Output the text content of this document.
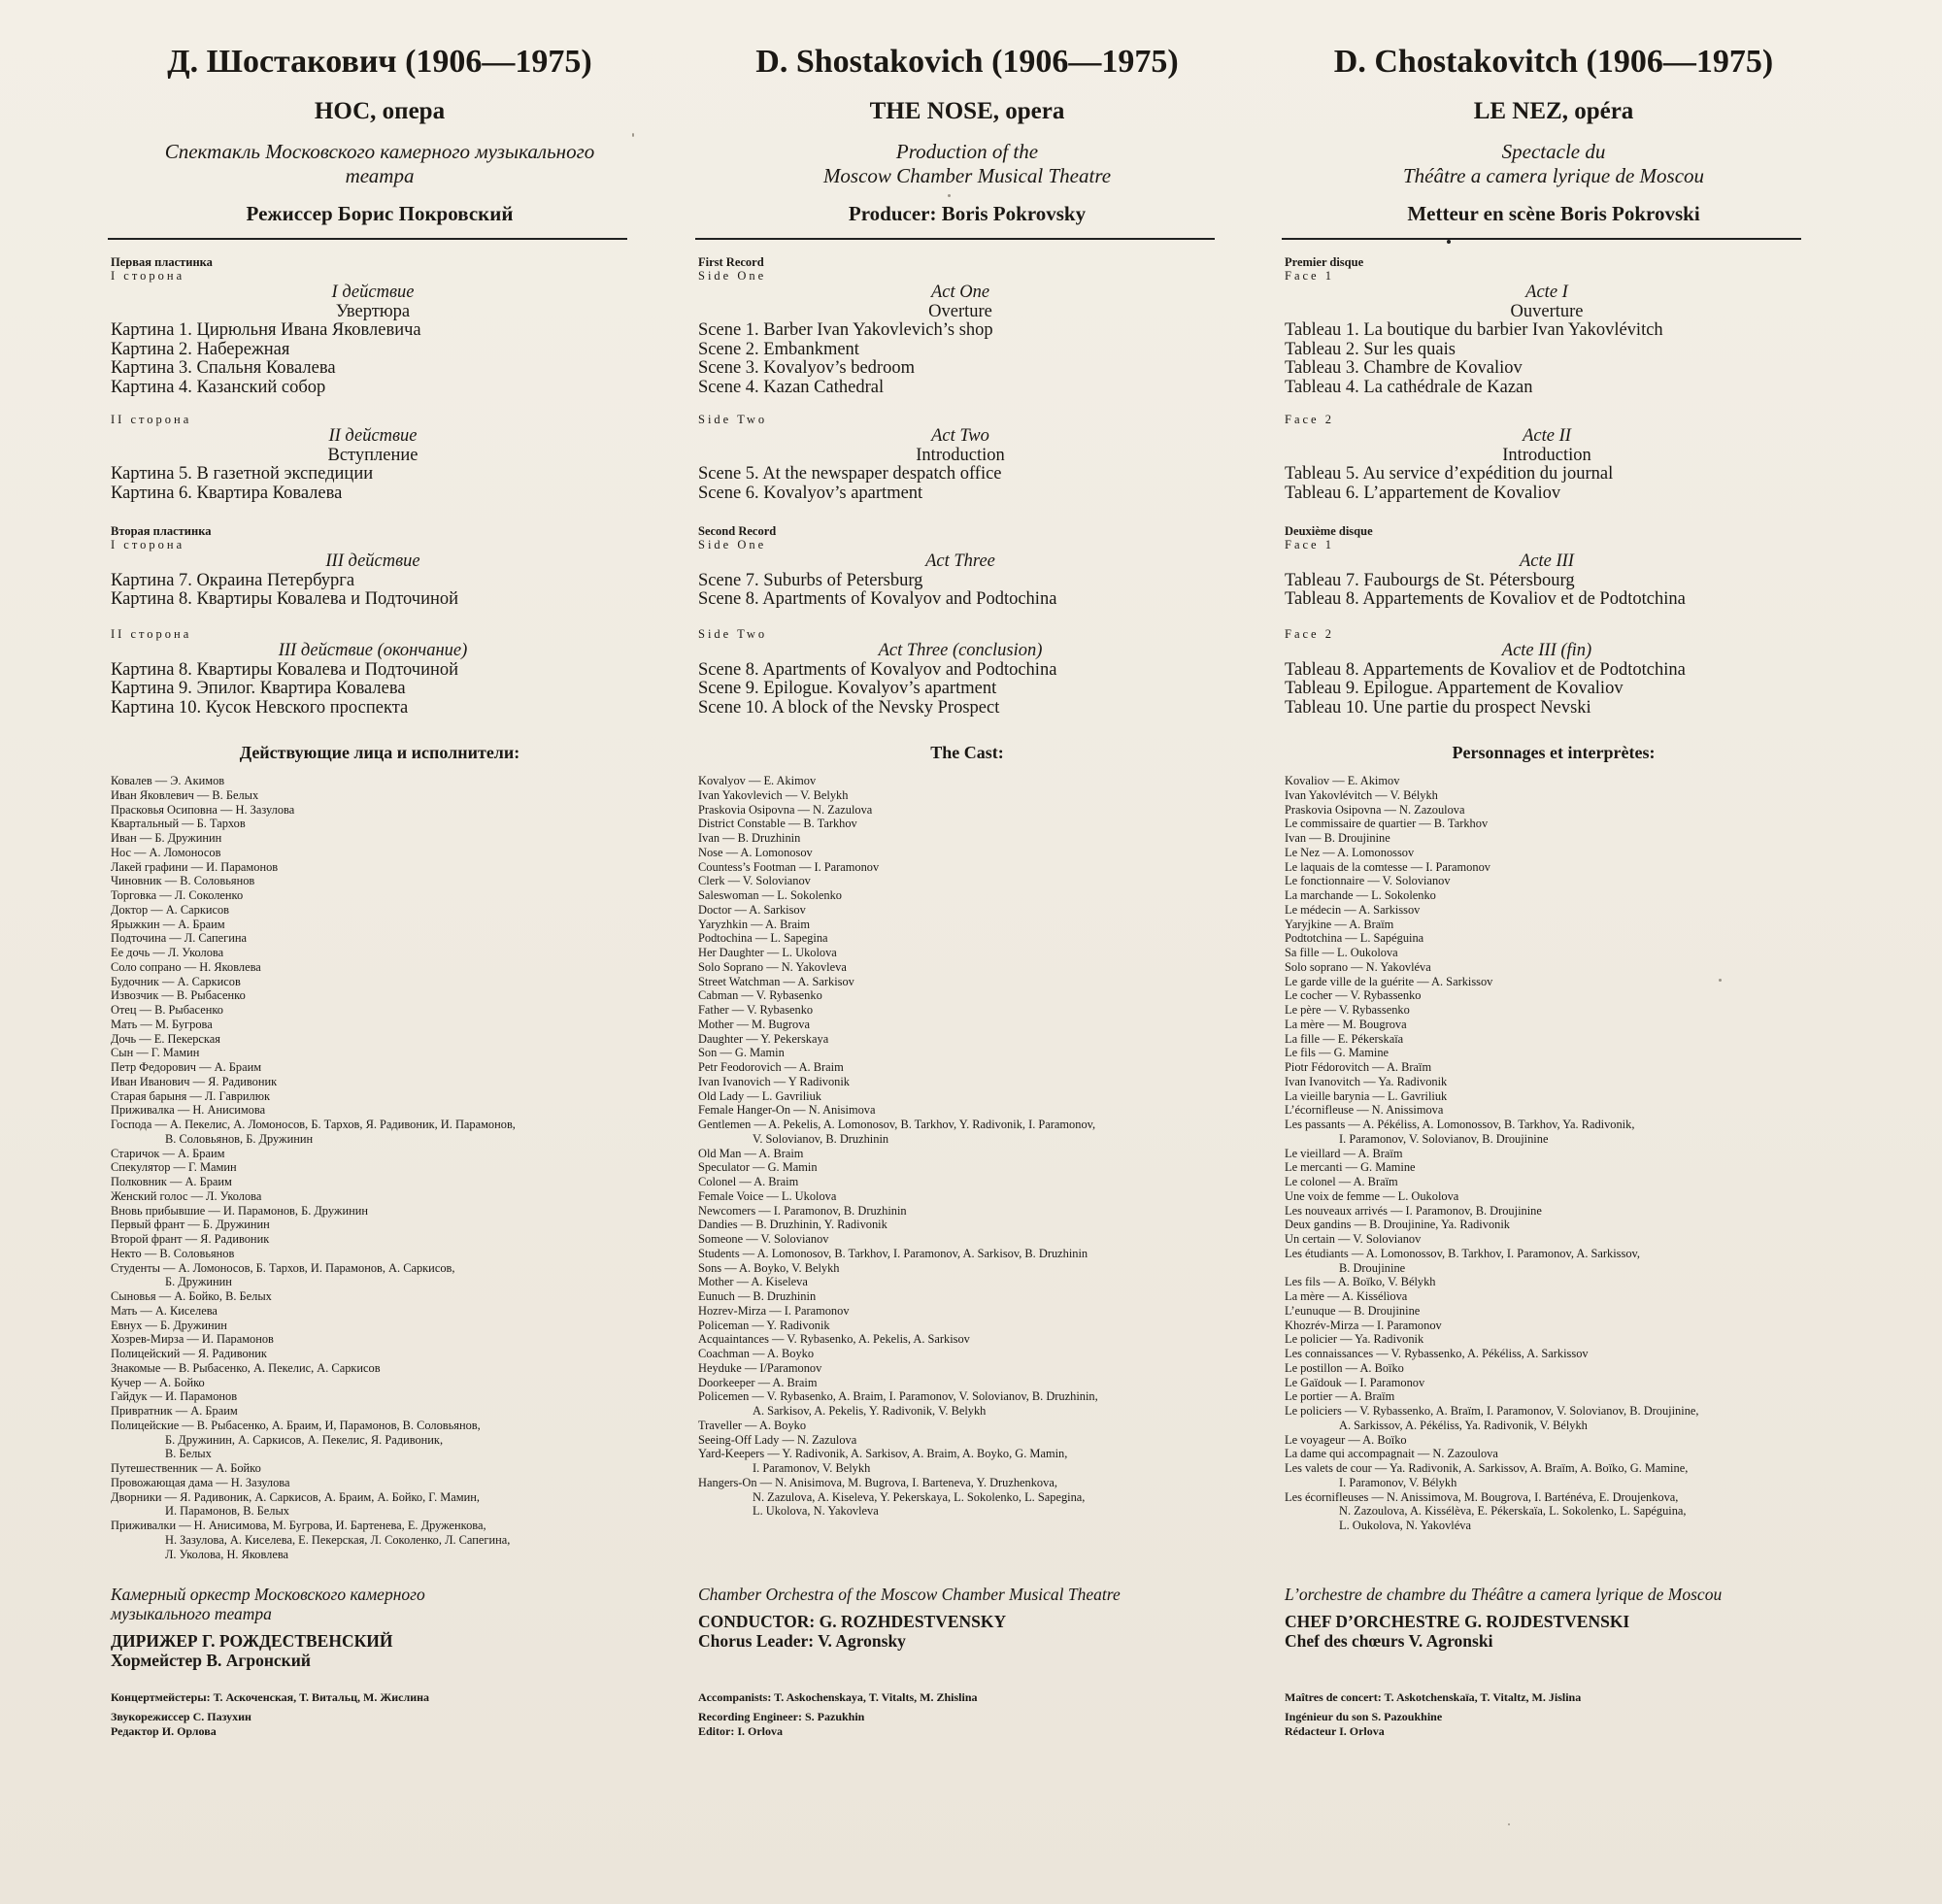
Д. Шостакович (1906—1975)
НОС, опера
Спектакль Московского камерного музыкального
театра
Режиссер Борис Покровский
Первая пластинка
I сторона
I действие
Увертюра
Картина 1. Цирюльня Ивана Яковлевича
Картина 2. Набережная
Картина 3. Спальня Ковалева
Картина 4. Казанский собор
II сторона
II действие
Вступление
Картина 5. В газетной экспедиции
Картина 6. Квартира Ковалева
Вторая пластинка
I сторона
III действие
Картина 7. Окраина Петербурга
Картина 8. Квартиры Ковалева и Подточиной
II сторона
III действие (окончание)
Картина 8. Квартиры Ковалева и Подточиной
Картина 9. Эпилог. Квартира Ковалева
Картина 10. Кусок Невского проспекта
Действующие лица и исполнители:
Ковалев — Э. Акимов
Иван Яковлевич — В. Белых
Прасковья Осиповна — Н. Зазулова
Квартальный — Б. Тархов
Иван — Б. Дружинин
Нос — А. Ломоносов
Лакей графини — И. Парамонов
Чиновник — В. Соловьянов
Торговка — Л. Соколенко
Доктор — А. Саркисов
Ярыжкин — А. Браим
Подточина — Л. Сапегина
Ее дочь — Л. Уколова
Соло сопрано — Н. Яковлева
Будочник — А. Саркисов
Извозчик — В. Рыбасенко
Отец — В. Рыбасенко
Мать — М. Бугрова
Дочь — Е. Пекерская
Сын — Г. Мамин
Петр Федорович — А. Браим
Иван Иванович — Я. Радивоник
Старая барыня — Л. Гаврилюк
Приживалка — Н. Анисимова
Господа — А. Пекелис, А. Ломоносов, Б. Тархов, Я. Радивоник, И. Парамонов,
В. Соловьянов, Б. Дружинин
Старичок — А. Браим
Спекулятор — Г. Мамин
Полковник — А. Браим
Женский голос — Л. Уколова
Вновь прибывшие — И. Парамонов, Б. Дружинин
Первый франт — Б. Дружинин
Второй франт — Я. Радивоник
Некто — В. Соловьянов
Студенты — А. Ломоносов, Б. Тархов, И. Парамонов, А. Саркисов,
Б. Дружинин
Сыновья — А. Бойко, В. Белых
Мать — А. Киселева
Евнух — Б. Дружинин
Хозрев-Мирза — И. Парамонов
Полицейский — Я. Радивоник
Знакомые — В. Рыбасенко, А. Пекелис, А. Саркисов
Кучер — А. Бойко
Гайдук — И. Парамонов
Привратник — А. Браим
Полицейские — В. Рыбасенко, А. Браим, И, Парамонов, В. Соловьянов,
Б. Дружинин, А. Саркисов, А. Пекелис, Я. Радивоник,
В. Белых
Путешественник — А. Бойко
Провожающая дама — Н. Зазулова
Дворники — Я. Радивоник, А. Саркисов, А. Браим, А. Бойко, Г. Мамин,
И. Парамонов, В. Белых
Приживалки — Н. Анисимова, М. Бугрова, И. Бартенева, Е. Друженкова,
Н. Зазулова, А. Киселева, Е. Пекерская, Л. Соколенко, Л. Сапегина,
Л. Уколова, Н. Яковлева
Камерный оркестр Московского камерного
музыкального театра
ДИРИЖЕР Г. РОЖДЕСТВЕНСКИЙ
Хормейстер В. Агронский
Концертмейстеры: Т. Аскоченская, Т. Витальц, М. Жислина
Звукорежиссер С. Пазухин
Редактор И. Орлова
D. Shostakovich (1906—1975)
THE NOSE, opera
Production of the
Moscow Chamber Musical Theatre
Producer: Boris Pokrovsky
First Record
Side One
Act One
Overture
Scene 1. Barber Ivan Yakovlevich’s shop
Scene 2. Embankment
Scene 3. Kovalyov’s bedroom
Scene 4. Kazan Cathedral
Side Two
Act Two
Introduction
Scene 5. At the newspaper despatch office
Scene 6. Kovalyov’s apartment
Second Record
Side One
Act Three
Scene 7. Suburbs of Petersburg
Scene 8. Apartments of Kovalyov and Podtochina
Side Two
Act Three (conclusion)
Scene 8. Apartments of Kovalyov and Podtochina
Scene 9. Epilogue. Kovalyov’s apartment
Scene 10. A block of the Nevsky Prospect
The Cast:
Kovalyov — E. Akimov
Ivan Yakovlevich — V. Belykh
Praskovia Osipovna — N. Zazulova
District Constable — B. Tarkhov
Ivan — B. Druzhinin
Nose — A. Lomonosov
Countess’s Footman — I. Paramonov
Clerk — V. Solovianov
Saleswoman — L. Sokolenko
Doctor — A. Sarkisov
Yaryzhkin — A. Braim
Podtochina — L. Sapegina
Her Daughter — L. Ukolova
Solo Soprano — N. Yakovleva
Street Watchman — A. Sarkisov
Cabman — V. Rybasenko
Father — V. Rybasenko
Mother — M. Bugrova
Daughter — Y. Pekerskaya
Son — G. Mamin
Petr Feodorovich — A. Braim
Ivan Ivanovich — Y Radivonik
Old Lady — L. Gavriliuk
Female Hanger-On — N. Anisimova
Gentlemen — A. Pekelis, A. Lomonosov, B. Tarkhov, Y. Radivonik, I. Paramonov,
V. Solovianov, B. Druzhinin
Old Man — A. Braim
Speculator — G. Mamin
Colonel — A. Braim
Female Voice — L. Ukolova
Newcomers — I. Paramonov, B. Druzhinin
Dandies — B. Druzhinin, Y. Radivonik
Someone — V. Solovianov
Students — A. Lomonosov, B. Tarkhov, I. Paramonov, A. Sarkisov, B. Druzhinin
Sons — A. Boyko, V. Belykh
Mother — A. Kiseleva
Eunuch — B. Druzhinin
Hozrev-Mirza — I. Paramonov
Policeman — Y. Radivonik
Acquaintances — V. Rybasenko, A. Pekelis, A. Sarkisov
Coachman — A. Boyko
Heyduke — I/Paramonov
Doorkeeper — A. Braim
Policemen — V. Rybasenko, A. Braim, I. Paramonov, V. Solovianov, B. Druzhinin,
A. Sarkisov, A. Pekelis, Y. Radivonik, V. Belykh
Traveller — A. Boyko
Seeing-Off Lady — N. Zazulova
Yard-Keepers — Y. Radivonik, A. Sarkisov, A. Braim, A. Boyko, G. Mamin,
I. Paramonov, V. Belykh
Hangers-On — N. Anisimova, M. Bugrova, I. Barteneva, Y. Druzhenkova,
N. Zazulova, A. Kiseleva, Y. Pekerskaya, L. Sokolenko, L. Sapegina,
L. Ukolova, N. Yakovleva
Chamber Orchestra of the Moscow Chamber Musical Theatre
CONDUCTOR: G. ROZHDESTVENSKY
Chorus Leader: V. Agronsky
Accompanists: T. Askochenskaya, T. Vitalts, M. Zhislina
Recording Engineer: S. Pazukhin
Editor: I. Orlova
D. Chostakovitch (1906—1975)
LE NEZ, opéra
Spectacle du
Théâtre a camera lyrique de Moscou
Metteur en scène Boris Pokrovski
Premier disque
Face 1
Acte I
Ouverture
Tableau 1. La boutique du barbier Ivan Yakovlévitch
Tableau 2. Sur les quais
Tableau 3. Chambre de Kovaliov
Tableau 4. La cathédrale de Kazan
Face 2
Acte II
Introduction
Tableau 5. Au service d’expédition du journal
Tableau 6. L’appartement de Kovaliov
Deuxième disque
Face 1
Acte III
Tableau 7. Faubourgs de St. Pétersbourg
Tableau 8. Appartements de Kovaliov et de Podtotchina
Face 2
Acte III (fin)
Tableau 8. Appartements de Kovaliov et de Podtotchina
Tableau 9. Epilogue. Appartement de Kovaliov
Tableau 10. Une partie du prospect Nevski
Personnages et interprètes:
Kovaliov — E. Akimov
Ivan Yakovlévitch — V. Bélykh
Praskovia Osipovna — N. Zazoulova
Le commissaire de quartier — B. Tarkhov
Ivan — B. Droujinine
Le Nez — A. Lomonossov
Le laquais de la comtesse — I. Paramonov
Le fonctionnaire — V. Solovianov
La marchande — L. Sokolenko
Le médecin — A. Sarkissov
Yaryjkine — A. Braïm
Podtotchina — L. Sapéguina
Sa fille — L. Oukolova
Solo soprano — N. Yakovléva
Le garde ville de la guérite — A. Sarkissov
Le cocher — V. Rybassenko
Le père — V. Rybassenko
La mère — M. Bougrova
La fille — E. Pékerskaïa
Le fils — G. Mamine
Piotr Fédorovitch — A. Braïm
Ivan Ivanovitch — Ya. Radivonik
La vieille barynia — L. Gavriliuk
L’écornifleuse — N. Anissimova
Les passants — A. Pékéliss, A. Lomonossov, B. Tarkhov, Ya. Radivonik,
I. Paramonov, V. Solovianov, B. Droujinine
Le vieillard — A. Braïm
Le mercanti — G. Mamine
Le colonel — A. Braïm
Une voix de femme — L. Oukolova
Les nouveaux arrivés — I. Paramonov, B. Droujinine
Deux gandins — B. Droujinine, Ya. Radivonik
Un certain — V. Solovianov
Les étudiants — A. Lomonossov, B. Tarkhov, I. Paramonov, A. Sarkissov,
B. Droujinine
Les fils — A. Boïko, V. Bélykh
La mère — A. Kissélìova
L’eunuque — B. Droujinine
Khozrév-Mirza — I. Paramonov
Le policier — Ya. Radivonik
Les connaissances — V. Rybassenko, A. Pékéliss, A. Sarkissov
Le postillon — A. Boïko
Le Gaïdouk — I. Paramonov
Le portier — A. Braïm
Le policiers — V. Rybassenko, A. Braïm, I. Paramonov, V. Solovianov, B. Droujinine,
A. Sarkissov, A. Pékéliss, Ya. Radivonik, V. Bélykh
Le voyageur — A. Boïko
La dame qui accompagnait — N. Zazoulova
Les valets de cour — Ya. Radivonik, A. Sarkissov, A. Braïm, A. Boïko, G. Mamine,
I. Paramonov, V. Bélykh
Les écornifleuses — N. Anissimova, M. Bougrova, I. Barténéva, E. Droujenkova,
N. Zazoulova, A. Kissélèva, E. Pékerskaïa, L. Sokolenko, L. Sapéguina,
L. Oukolova, N. Yakovléva
L’orchestre de chambre du Théâtre a camera lyrique de Moscou
CHEF D’ORCHESTRE G. ROJDESTVENSKI
Chef des chœurs V. Agronski
Maîtres de concert: T. Askotchenskaïa, T. Vitaltz, M. Jislina
Ingénieur du son S. Pazoukhine
Rédacteur I. Orlova
